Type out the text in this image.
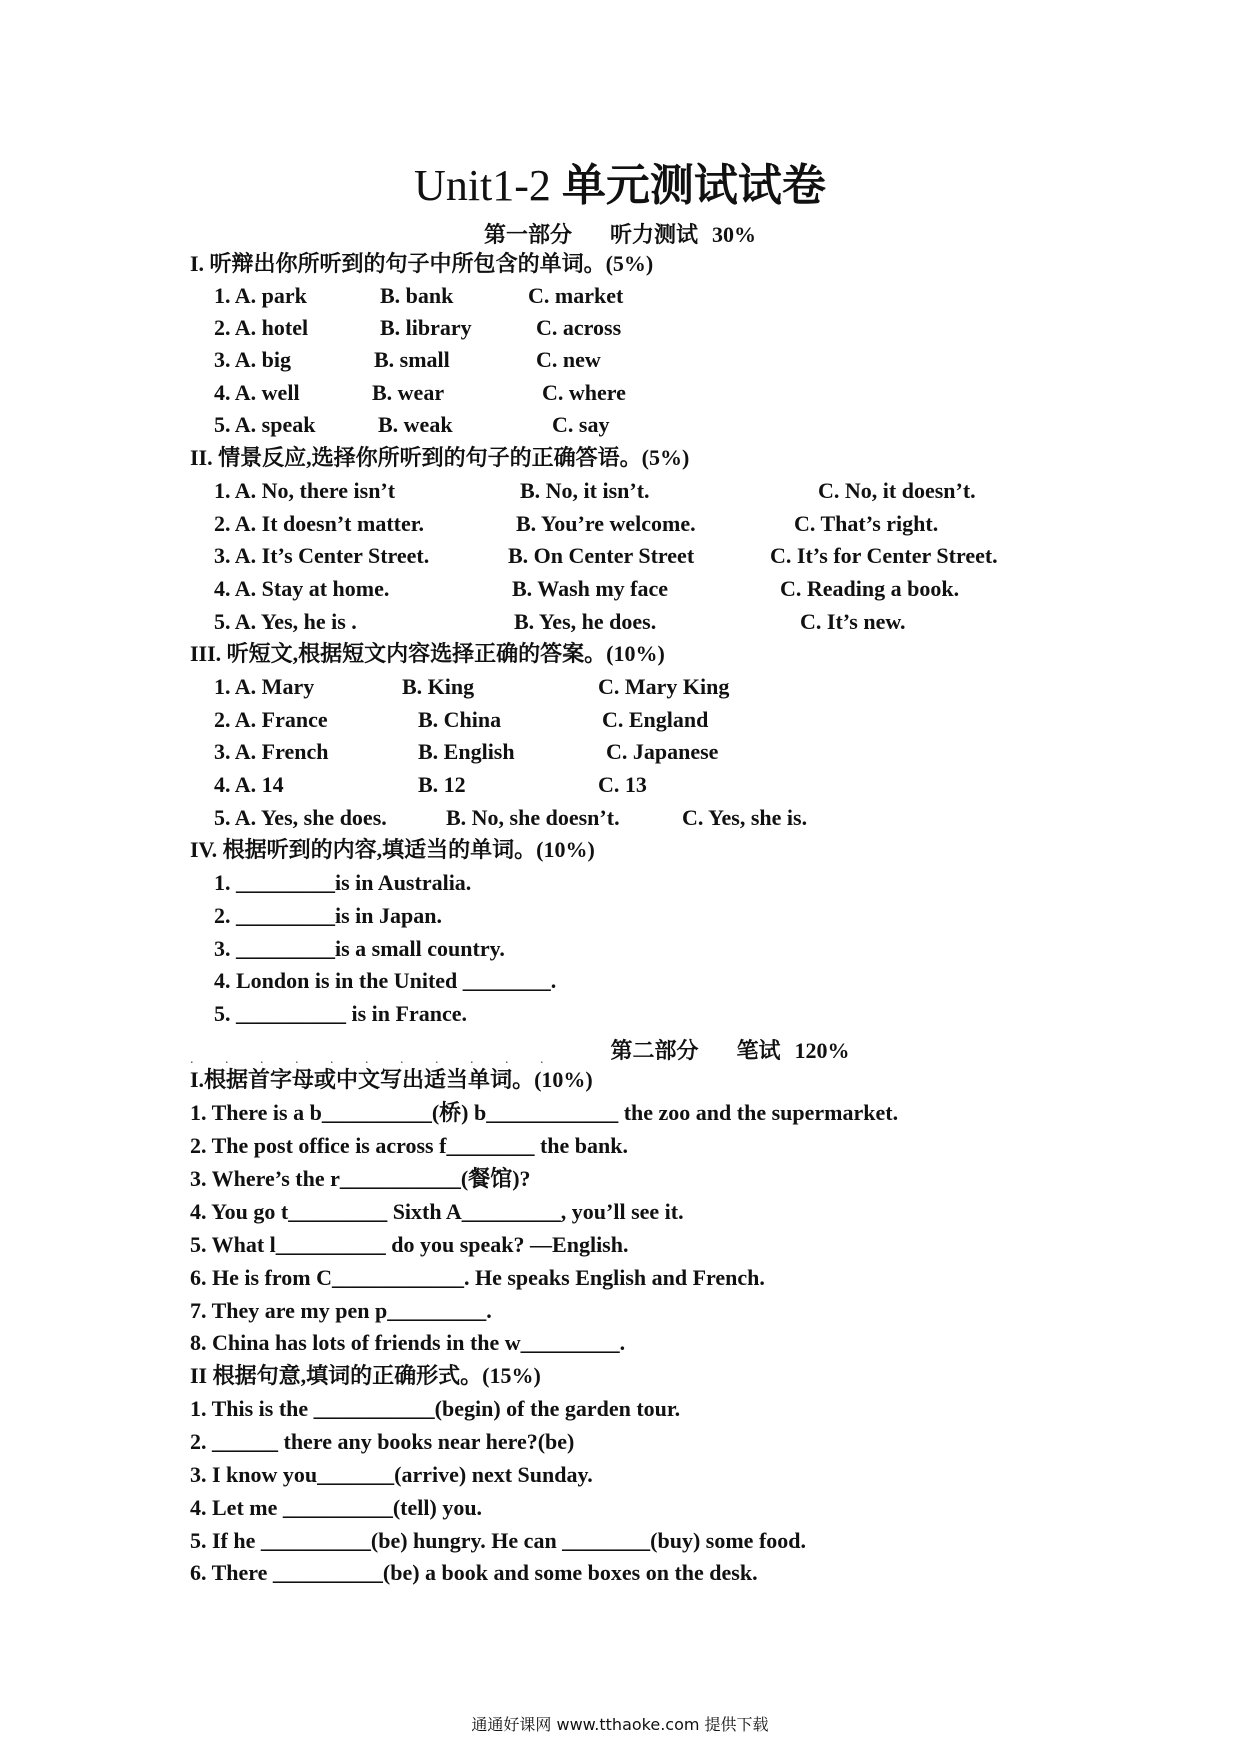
Unit1-2 单元测试试卷
第一部分 听力测试 30%
I. 听辩出你所听到的句子中所包含的单词。(5%)
1. A. park	B. bank	C. market
2. A. hotel	B. library	C. across
3. A. big	B. small	C. new
4. A. well	B. wear	C. where
5. A. speak	B. weak	C. say
II. 情景反应,选择你所听到的句子的正确答语。(5%)
1. A. No, there isn’t	B. No, it isn’t.	C. No, it doesn’t.
2. A. It doesn’t matter.	B. You’re welcome.	C. That’s right.
3. A. It’s Center Street.	B. On Center Street	C. It’s for Center Street.
4. A. Stay at home.	B. Wash my face	C. Reading a book.
5. A. Yes, he is .	B. Yes, he does.	C. It’s new.
III. 听短文,根据短文内容选择正确的答案。(10%)
1. A. Mary	B. King	C. Mary King
2. A. France	B. China	C. England
3. A. French	B. English	C. Japanese
4. A. 14	B. 12	C. 13
5. A. Yes, she does.	B. No, she doesn’t.	C. Yes, she is.
IV. 根据听到的内容,填适当的单词。(10%)
1. _________is in Australia.
2. _________is in Japan.
3. _________is a small country.
4. London is in the United ________.
5. __________ is in France.
. . . . . . . . . . .	第二部分 笔试 120%
I.根据首字母或中文写出适当单词。(10%)
1. There is a b__________(桥) b____________ the zoo and the supermarket.
2. The post office is across f________ the bank.
3. Where’s the r___________(餐馆)?
4. You go t_________ Sixth A_________, you’ll see it.
5. What l__________ do you speak? —English.
6. He is from C____________. He speaks English and French.
7. They are my pen p_________.
8. China has lots of friends in the w_________.
II 根据句意,填词的正确形式。(15%)
1. This is the ___________(begin) of the garden tour.
2. ______ there any books near here?(be)
3. I know you_______(arrive) next Sunday.
4. Let me __________(tell) you.
5. If he __________(be) hungry. He can ________(buy) some food.
6. There __________(be) a book and some boxes on the desk.
通通好课网 www.tthaoke.com 提供下载
